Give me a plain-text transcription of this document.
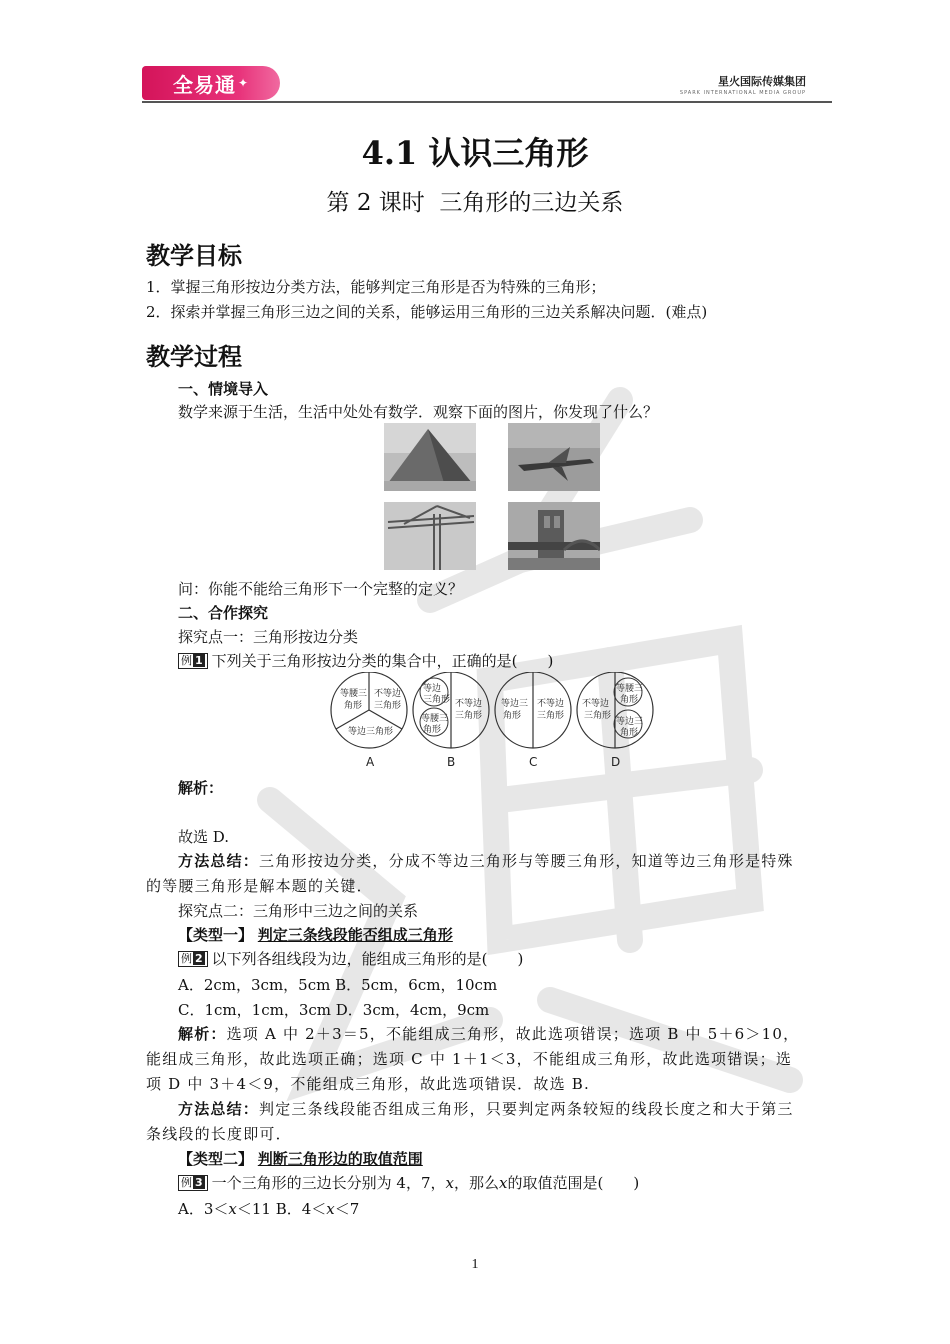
全易通 ✦	星火国际传媒集团
SPARK INTERNATIONAL MEDIA GROUP
4.1 认识三角形
第 2 课时  三角形的三边关系
教学目标
1．掌握三角形按边分类方法，能够判定三角形是否为特殊的三角形；
2．探索并掌握三角形三边之间的关系，能够运用三角形的三边关系解决问题．(难点)
教学过程
一、情境导入
数学来源于生活，生活中处处有数学．观察下面的图片，你发现了什么？
问：你能不能给三角形下一个完整的定义？
二、合作探究
探究点一：三角形按边分类
例 1 下列关于三角形按边分类的集合中，正确的是(　　)
等腰三
角形
不等边
三角形
等边三角形
A
等边
三角形
等腰三
角形
不等边
三角形
B
等边三
角形
不等边
三角形
C
等腰三
角形
不等边
三角形
等边三
角形
D
解析：
故选 D.
方法总结：三角形按边分类，分成不等边三角形与等腰三角形，知道等边三角形是特殊的等腰三角形是解本题的关键．
探究点二：三角形中三边之间的关系
【类型一】 判定三条线段能否组成三角形
例 2 以下列各组线段为边，能组成三角形的是(　　)
A．2cm，3cm，5cm B．5cm，6cm，10cm
C．1cm，1cm，3cm D．3cm，4cm，9cm
解析：选项 A 中 2＋3＝5，不能组成三角形，故此选项错误；选项 B 中 5＋6＞10，能组成三角形，故此选项正确；选项 C 中 1＋1＜3，不能组成三角形，故此选项错误；选项 D 中 3＋4＜9，不能组成三角形，故此选项错误．故选 B.
方法总结：判定三条线段能否组成三角形，只要判定两条较短的线段长度之和大于第三条线段的长度即可．
【类型二】 判断三角形边的取值范围
例 3 一个三角形的三边长分别为 4，7，x，那么x的取值范围是(　　)
A．3＜x＜11 B．4＜x＜7
1
